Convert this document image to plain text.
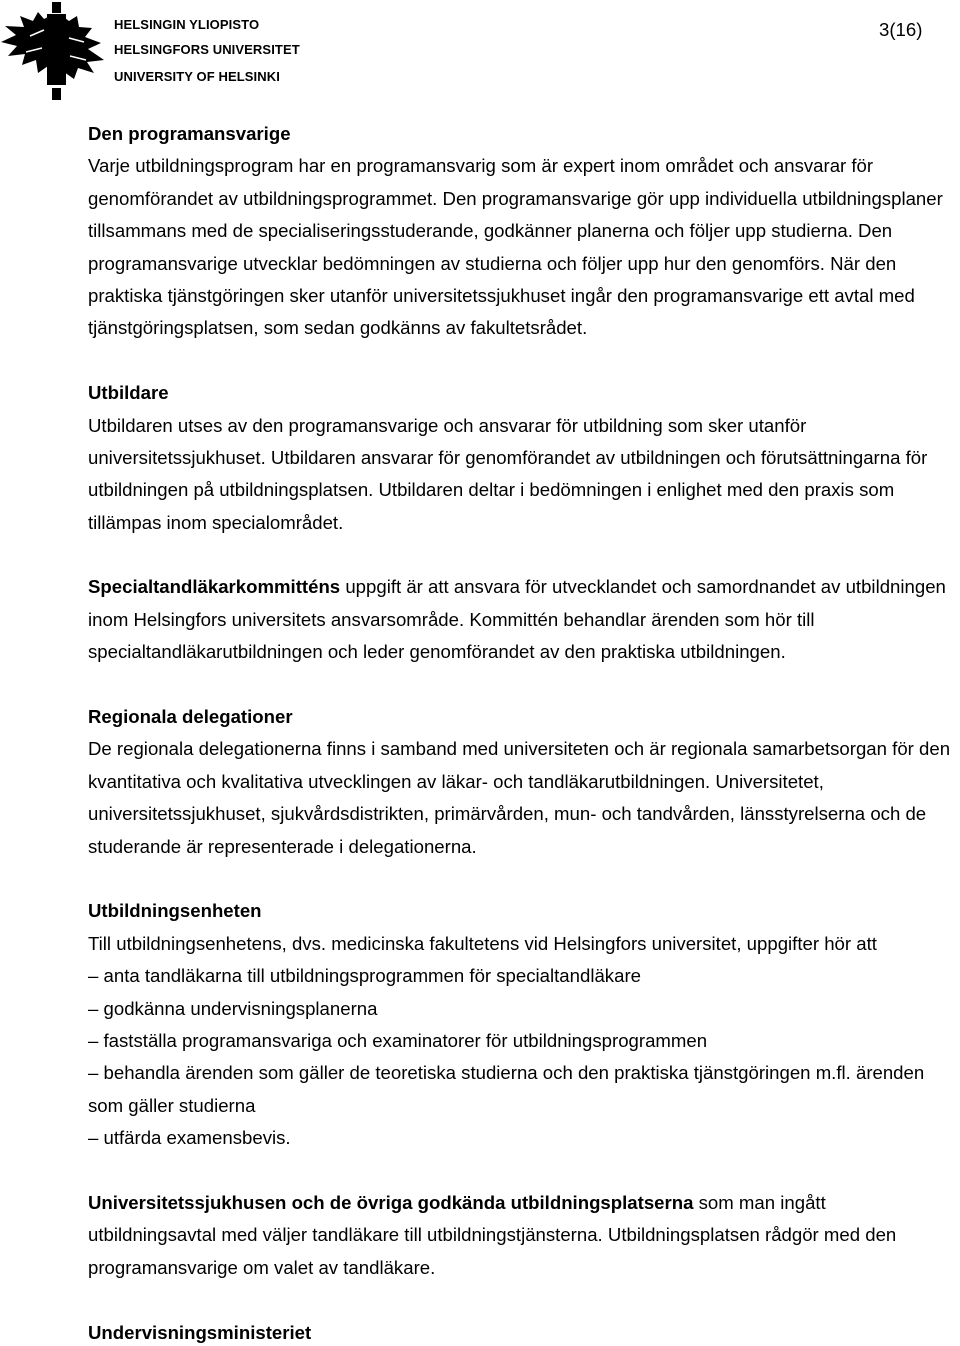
HELSINGIN YLIOPISTO
HELSINGFORS UNIVERSITET
UNIVERSITY OF HELSINKI
3(16)
Den programansvarige
Varje utbildningsprogram har en programansvarig som är expert inom området och ansvarar för
genomförandet av utbildningsprogrammet. Den programansvarige gör upp individuella utbildningsplaner
tillsammans med de specialiseringsstuderande, godkänner planerna och följer upp studierna. Den
programansvarige utvecklar bedömningen av studierna och följer upp hur den genomförs. När den
praktiska tjänstgöringen sker utanför universitetssjukhuset ingår den programansvarige ett avtal med
tjänstgöringsplatsen, som sedan godkänns av fakultetsrådet.
Utbildare
Utbildaren utses av den programansvarige och ansvarar för utbildning som sker utanför
universitetssjukhuset. Utbildaren ansvarar för genomförandet av utbildningen och förutsättningarna för
utbildningen på utbildningsplatsen. Utbildaren deltar i bedömningen i enlighet med den praxis som
tillämpas inom specialområdet.
Specialtandläkarkommitténs uppgift är att ansvara för utvecklandet och samordnandet av utbildningen
inom Helsingfors universitets ansvarsområde. Kommittén behandlar ärenden som hör till
specialtandläkarutbildningen och leder genomförandet av den praktiska utbildningen.
Regionala delegationer
De regionala delegationerna finns i samband med universiteten och är regionala samarbetsorgan för den
kvantitativa och kvalitativa utvecklingen av läkar- och tandläkarutbildningen. Universitetet,
universitetssjukhuset, sjukvårdsdistrikten, primärvården, mun- och tandvården, länsstyrelserna och de
studerande är representerade i delegationerna.
Utbildningsenheten
Till utbildningsenhetens, dvs. medicinska fakultetens vid Helsingfors universitet, uppgifter hör att
– anta tandläkarna till utbildningsprogrammen för specialtandläkare
– godkänna undervisningsplanerna
– fastställa programansvariga och examinatorer för utbildningsprogrammen
– behandla ärenden som gäller de teoretiska studierna och den praktiska tjänstgöringen m.fl. ärenden
som gäller studierna
– utfärda examensbevis.
Universitetssjukhusen och de övriga godkända utbildningsplatserna som man ingått
utbildningsavtal med väljer tandläkare till utbildningstjänsterna. Utbildningsplatsen rådgör med den
programansvarige om valet av tandläkare.
Undervisningsministeriet
